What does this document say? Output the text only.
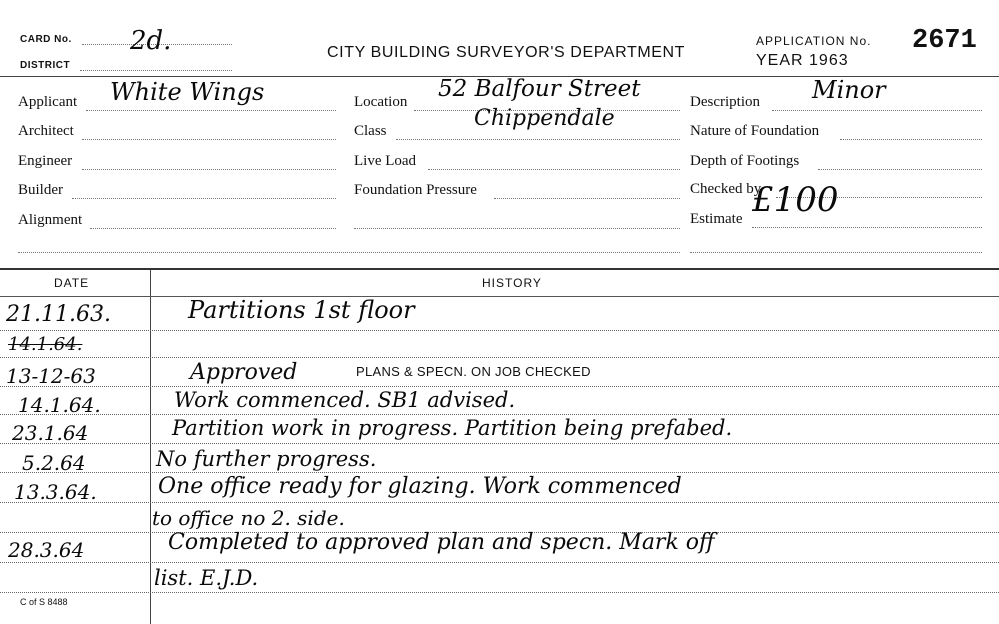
CARD No. 2d.
DISTRICT
CITY BUILDING SURVEYOR'S DEPARTMENT
APPLICATION No. 2671
YEAR 1963
Applicant White Wings
Architect
Engineer
Builder
Alignment
Location 52 Balfour Street
Chippendale
Class
Live Load
Foundation Pressure
Description Minor
Nature of Foundation
Depth of Footings
Checked by
Estimate £100
DATE	HISTORY
21.11.63.	Partitions 1st floor
14.1.64.
13-12-63	Approved	PLANS & SPECN. ON JOB CHECKED
14.1.64.	Work commenced. SB1 advised.
23.1.64	Partition work in progress. Partition being prefabed.
5.2.64	No further progress.
13.3.64.	One office ready for glazing. Work commenced
to office no 2. side.
28.3.64	Completed to approved plan and specn. Mark off
list. E.J.D.
C of S 8488
